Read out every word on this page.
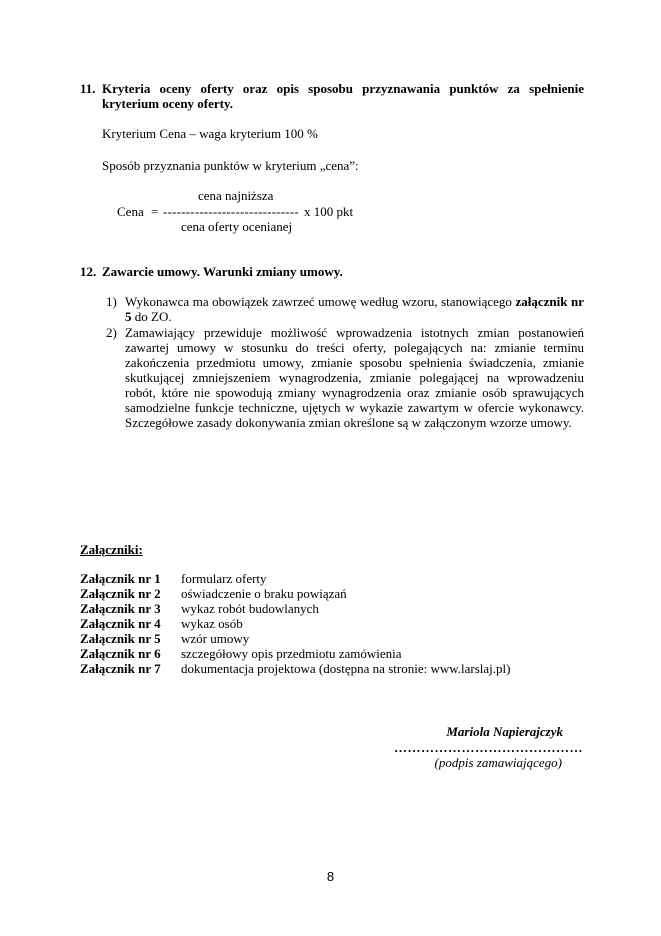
11. Kryteria oceny oferty oraz opis sposobu przyznawania punktów za spełnienie kryterium oceny oferty.
Kryterium Cena – waga kryterium 100 %
Sposób przyznania punktów w kryterium „cena”:
cena najniższa
Cena = ------------------------------ x 100 pkt
cena oferty ocenianej
12. Zawarcie umowy. Warunki zmiany umowy.
1) Wykonawca ma obowiązek zawrzeć umowę według wzoru, stanowiącego załącznik nr 5 do ZO.
2) Zamawiający przewiduje możliwość wprowadzenia istotnych zmian postanowień zawartej umowy w stosunku do treści oferty, polegających na: zmianie terminu zakończenia przedmiotu umowy, zmianie sposobu spełnienia świadczenia, zmianie skutkującej zmniejszeniem wynagrodzenia, zmianie polegającej na wprowadzeniu robót, które nie spowodują zmiany wynagrodzenia oraz zmianie osób sprawujących samodzielne funkcje techniczne, ujętych w wykazie zawartym w ofercie wykonawcy. Szczegółowe zasady dokonywania zmian określone są w załączonym wzorze umowy.
Załączniki:
Załącznik nr 1 formularz oferty
Załącznik nr 2 oświadczenie o braku powiązań
Załącznik nr 3 wykaz robót budowlanych
Załącznik nr 4 wykaz osób
Załącznik nr 5 wzór umowy
Załącznik nr 6 szczegółowy opis przedmiotu zamówienia
Załącznik nr 7 dokumentacja projektowa (dostępna na stronie: www.larslaj.pl)
Mariola Napierajczyk
……………………………………
(podpis zamawiającego)
8
